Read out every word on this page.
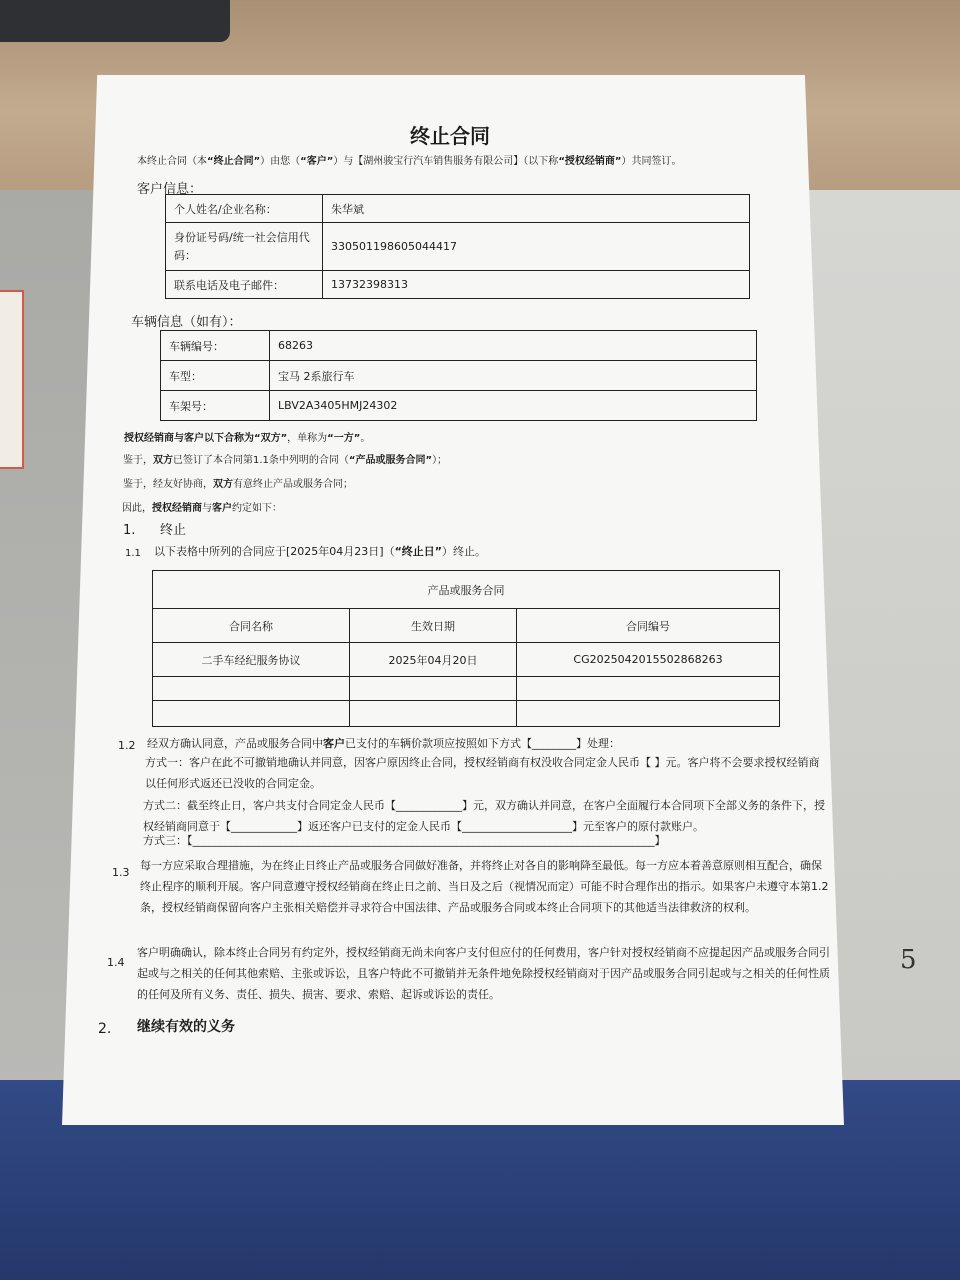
5
终止合同
本终止合同（本“终止合同”）由您（“客户”）与【湖州骏宝行汽车销售服务有限公司】（以下称“授权经销商”）共同签订。
客户信息：
个人姓名/企业名称：	朱华斌
身份证号码/统一社会信用代码：	330501198605044417
联系电话及电子邮件：	13732398313
车辆信息（如有）：
车辆编号：	68263
车型：	宝马 2系旅行车
车架号：	LBV2A3405HMJ24302
授权经销商与客户以下合称为“双方”，单称为“一方”。
鉴于，双方已签订了本合同第1.1条中列明的合同（“产品或服务合同”）；
鉴于，经友好协商，双方有意终止产品或服务合同；
因此，授权经销商与客户约定如下：
1. 终止
1.1 以下表格中所列的合同应于[2025年04月23日]（“终止日”）终止。
产品或服务合同		
合同名称	生效日期	合同编号
二手车经纪服务协议	2025年04月20日	CG2025042015502868263

1.2 经双方确认同意，产品或服务合同中客户已支付的车辆价款项应按照如下方式【________】处理：
方式一：客户在此不可撤销地确认并同意，因客户原因终止合同，授权经销商有权没收合同定金人民币【 】元。客户将不会要求授权经销商以任何形式返还已没收的合同定金。
方式二：截至终止日，客户共支付合同定金人民币【____________】元，双方确认并同意，在客户全面履行本合同项下全部义务的条件下，授权经销商同意于【____________】返还客户已支付的定金人民币【____________________】元至客户的原付款账户。
方式三：【____________________________________________________________________________________】
1.3
每一方应采取合理措施，为在终止日终止产品或服务合同做好准备，并将终止对各自的影响降至最低。每一方应本着善意原则相互配合，确保终止程序的顺利开展。客户同意遵守授权经销商在终止日之前、当日及之后（视情况而定）可能不时合理作出的指示。如果客户未遵守本第1.2条，授权经销商保留向客户主张相关赔偿并寻求符合中国法律、产品或服务合同或本终止合同项下的其他适当法律救济的权利。
1.4
客户明确确认，除本终止合同另有约定外，授权经销商无尚未向客户支付但应付的任何费用，客户针对授权经销商不应提起因产品或服务合同引起或与之相关的任何其他索赔、主张或诉讼，且客户特此不可撤销并无条件地免除授权经销商对于因产品或服务合同引起或与之相关的任何性质的任何及所有义务、责任、损失、损害、要求、索赔、起诉或诉讼的责任。
2. 继续有效的义务
